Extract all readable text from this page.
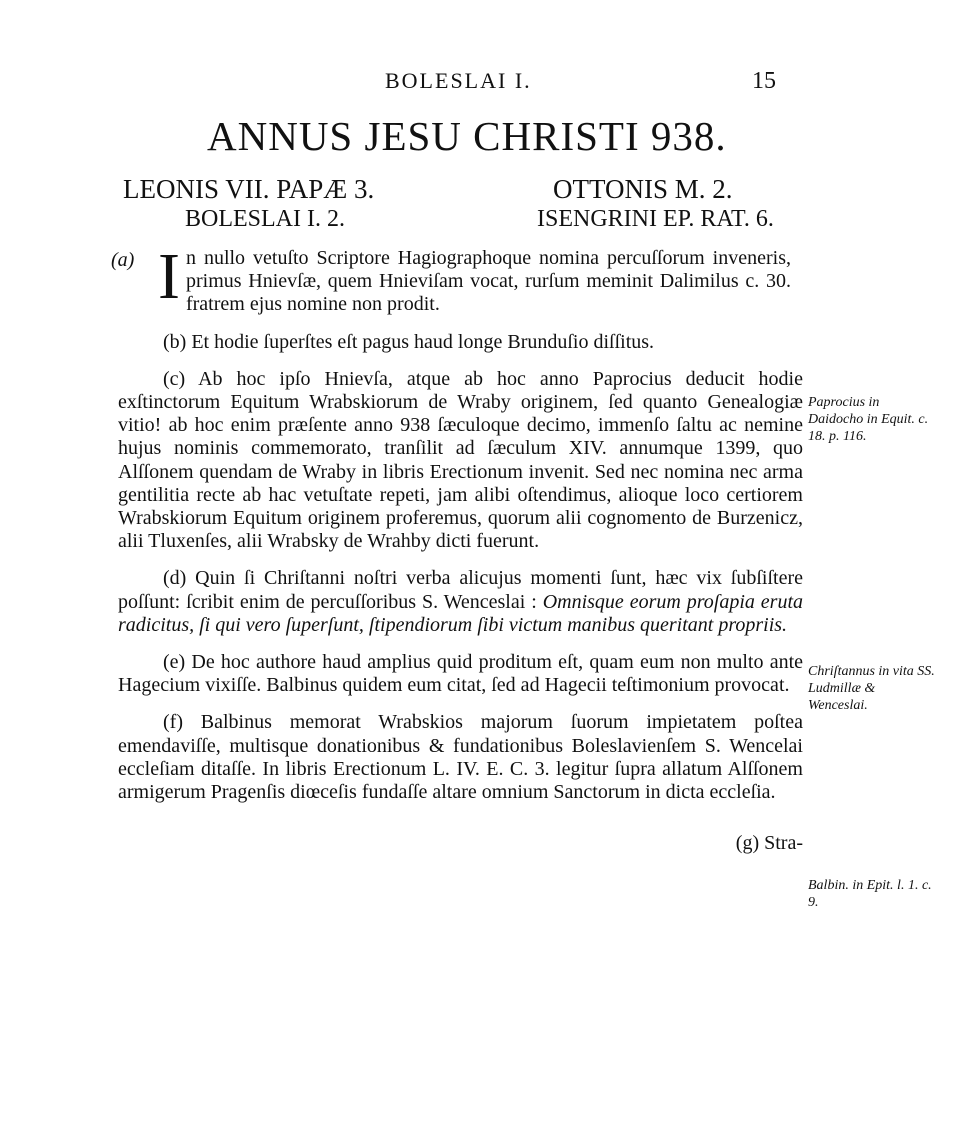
BOLESLAI I.	15
ANNUS JESU CHRISTI 938.
LEONIS VII. PAPÆ 3.
BOLESLAI I. 2.
OTTONIS M. 2.
ISENGRINI EP. RAT. 6.
(a) I n nullo vetuſto Scriptore Hagiographoque nomina percuſſorum inveneris, primus Hnievſæ, quem Hnieviſam vocat, rurſum meminit Dalimilus c. 30. fratrem ejus nomine non prodit.

(b) Et hodie ſuperſtes eſt pagus haud longe Brunduſio diſſitus.

(c) Ab hoc ipſo Hnievſa, atque ab hoc anno Paprocius deducit hodie exſtinctorum Equitum Wrabskiorum de Wraby originem, ſed quanto Genealogiæ vitio! ab hoc enim præſente anno 938 ſæculoque decimo, immenſo ſaltu ac nemine hujus nominis commemorato, tranſilit ad ſæculum XIV. annumque 1399, quo Alſſonem quendam de Wraby in libris Erectionum invenit. Sed nec nomina nec arma gentilitia recte ab hac vetuſtate repeti, jam alibi oſtendimus, alioque loco certiorem Wrabskiorum Equitum originem proferemus, quorum alii cognomento de Burzenicz, alii Tluxenſes, alii Wrabsky de Wrahby dicti fuerunt.

(d) Quin ſi Chriſtanni noſtri verba alicujus momenti ſunt, hæc vix ſubſiſtere poſſunt: ſcribit enim de percuſſoribus S. Wenceslai : Omnisque eorum proſapia eruta radicitus, ſi qui vero ſuperſunt, ſtipendiorum ſibi victum manibus queritant propriis.

(e) De hoc authore haud amplius quid proditum eſt, quam eum non multo ante Hagecium vixiſſe. Balbinus quidem eum citat, ſed ad Hagecii teſtimonium provocat.

(f) Balbinus memorat Wrabskios majorum ſuorum impietatem poſtea emendaviſſe, multisque donationibus & fundationibus Boleslavienſem S. Wencelai eccleſiam ditaſſe. In libris Erectionum L. IV. E. C. 3. legitur ſupra allatum Alſſonem armigerum Pragenſis diœceſis fundaſſe altare omnium Sanctorum in dicta eccleſia.

(g) Stra-

Paprocius in Daidocho in Equit. c. 18. p. 116.
Chriſtannus in vita SS. Ludmillæ & Wenceslai.
Balbin. in Epit. l. 1. c. 9.
